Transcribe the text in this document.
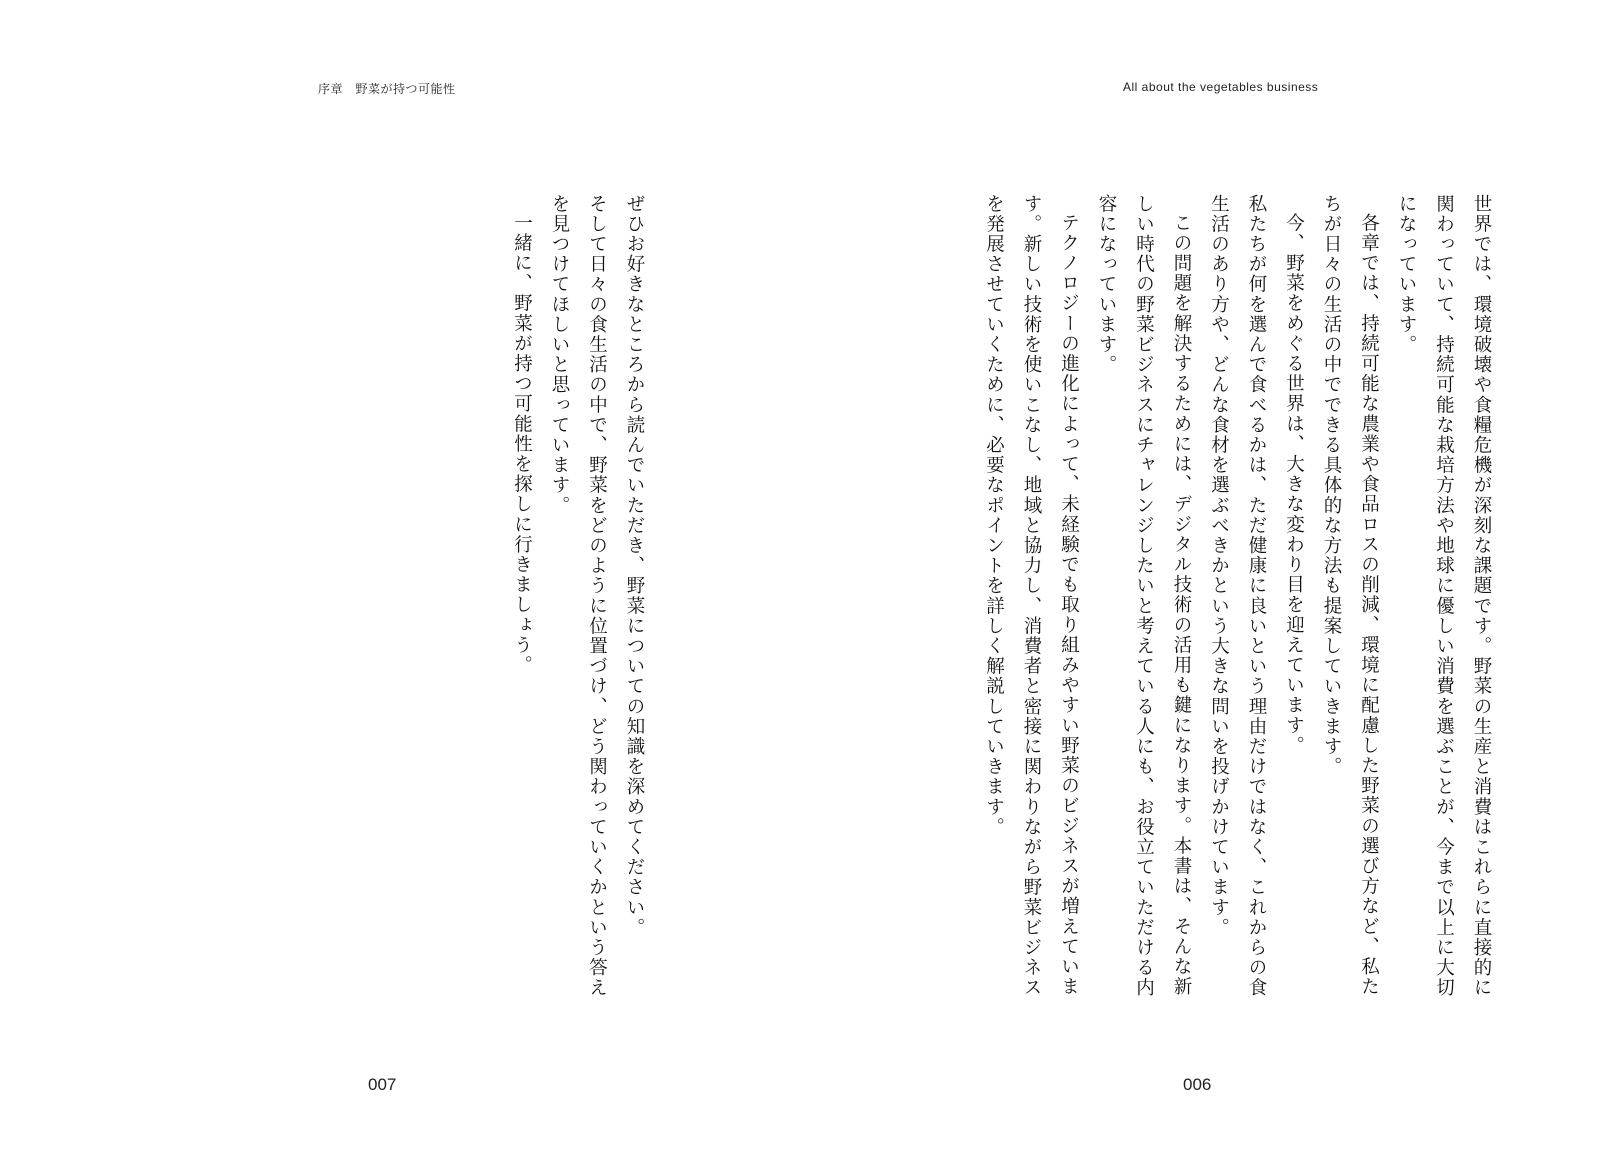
序章　野菜が持つ可能性

ぜひお好きなところから読んでいただき、野菜についての知識を深めてください。

そして日々の食生活の中で、野菜をどのように位置づけ、どう関わっていくかという答えを見つけてほしいと思っています。

一緒に、野菜が持つ可能性を探しに行きましょう。

007
All about the vegetables business

世界では、環境破壊や食糧危機が深刻な課題です。野菜の生産と消費はこれらに直接的に関わっていて、持続可能な栽培方法や地球に優しい消費を選ぶことが、今まで以上に大切になっています。

各章では、持続可能な農業や食品ロスの削減、環境に配慮した野菜の選び方など、私たちが日々の生活の中でできる具体的な方法も提案していきます。

今、野菜をめぐる世界は、大きな変わり目を迎えています。

私たちが何を選んで食べるかは、ただ健康に良いという理由だけではなく、これからの食生活のあり方や、どんな食材を選ぶべきかという大きな問いを投げかけています。

この問題を解決するためには、デジタル技術の活用も鍵になります。本書は、そんな新しい時代の野菜ビジネスにチャレンジしたいと考えている人にも、お役立ていただける内容になっています。

テクノロジーの進化によって、未経験でも取り組みやすい野菜のビジネスが増えています。新しい技術を使いこなし、地域と協力し、消費者と密接に関わりながら野菜ビジネスを発展させていくために、必要なポイントを詳しく解説していきます。

006
